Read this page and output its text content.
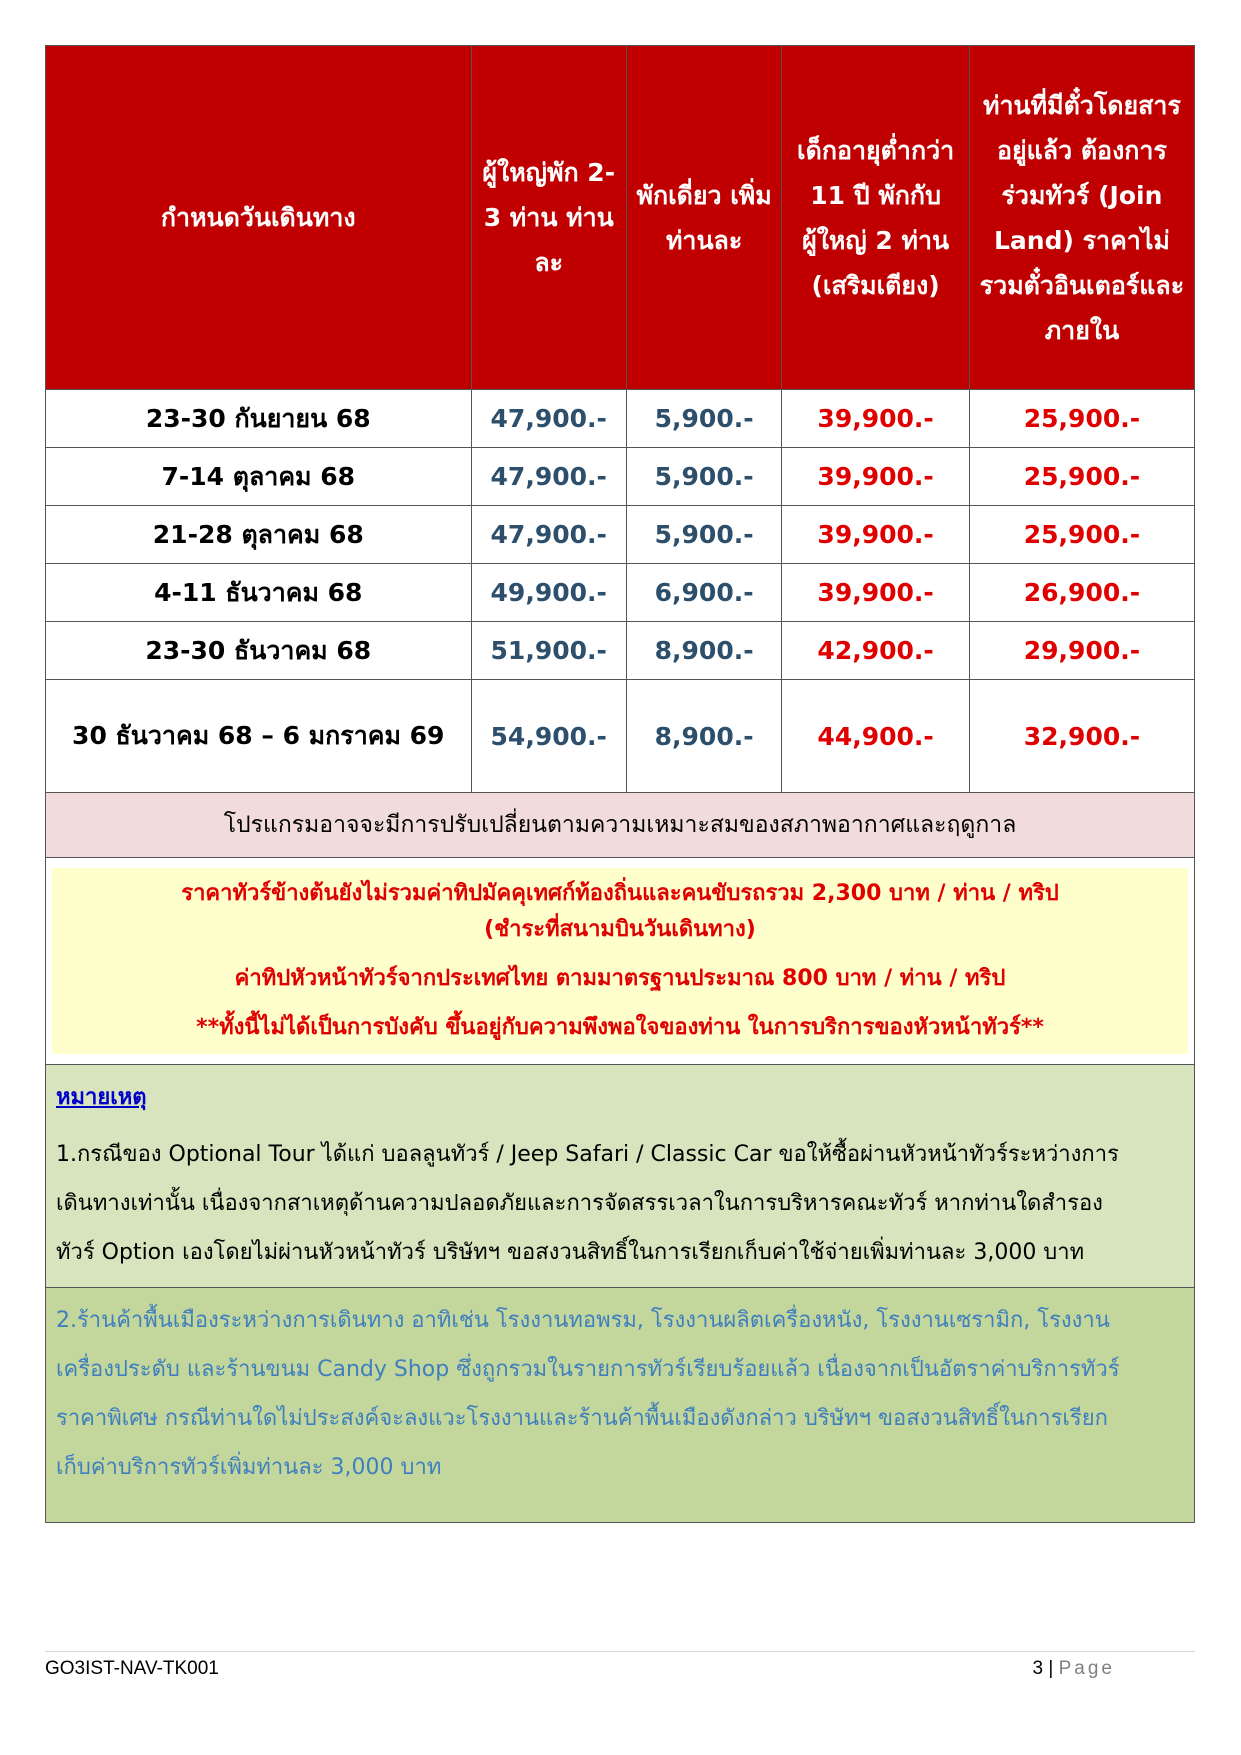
กำหนดวันเดินทาง	ผู้ใหญ่พัก 2-3 ท่าน ท่านละ	พักเดี่ยว เพิ่มท่านละ	เด็กอายุต่ำกว่า 11 ปี พักกับผู้ใหญ่ 2 ท่าน (เสริมเตียง)	ท่านที่มีตั๋วโดยสารอยู่แล้ว ต้องการร่วมทัวร์ (Join Land) ราคาไม่รวมตั๋วอินเตอร์และภายใน
23-30 กันยายน 68	47,900.-	5,900.-	39,900.-	25,900.-
7-14 ตุลาคม 68	47,900.-	5,900.-	39,900.-	25,900.-
21-28 ตุลาคม 68	47,900.-	5,900.-	39,900.-	25,900.-
4-11 ธันวาคม 68	49,900.-	6,900.-	39,900.-	26,900.-
23-30 ธันวาคม 68	51,900.-	8,900.-	42,900.-	29,900.-
30 ธันวาคม 68 – 6 มกราคม 69	54,900.-	8,900.-	44,900.-	32,900.-
โปรแกรมอาจจะมีการปรับเปลี่ยนตามความเหมาะสมของสภาพอากาศและฤดูกาล				

ราคาทัวร์ข้างต้นยังไม่รวมค่าทิปมัคคุเทศก์ท้องถิ่นและคนขับรถรวม 2,300 บาท / ท่าน / ทริป

(ชำระที่สนามบินวันเดินทาง)

ค่าทิปหัวหน้าทัวร์จากประเทศไทย ตามมาตรฐานประมาณ 800 บาท / ท่าน / ทริป

**ทั้งนี้ไม่ได้เป็นการบังคับ ขึ้นอยู่กับความพึงพอใจของท่าน ในการบริการของหัวหน้าทัวร์**				

หมายเหตุ

1.กรณีของ Optional Tour ได้แก่ บอลลูนทัวร์ / Jeep Safari / Classic Car ขอให้ซื้อผ่านหัวหน้าทัวร์ระหว่างการ

เดินทางเท่านั้น เนื่องจากสาเหตุด้านความปลอดภัยและการจัดสรรเวลาในการบริหารคณะทัวร์ หากท่านใดสำรอง

ทัวร์ Option เองโดยไม่ผ่านหัวหน้าทัวร์ บริษัทฯ ขอสงวนสิทธิ์ในการเรียกเก็บค่าใช้จ่ายเพิ่มท่านละ 3,000 บาท				

2.ร้านค้าพื้นเมืองระหว่างการเดินทาง อาทิเช่น โรงงานทอพรม, โรงงานผลิตเครื่องหนัง, โรงงานเซรามิก, โรงงาน

เครื่องประดับ และร้านขนม Candy Shop ซึ่งถูกรวมในรายการทัวร์เรียบร้อยแล้ว เนื่องจากเป็นอัตราค่าบริการทัวร์

ราคาพิเศษ กรณีท่านใดไม่ประสงค์จะลงแวะโรงงานและร้านค้าพื้นเมืองดังกล่าว บริษัทฯ ขอสงวนสิทธิ์ในการเรียก

เก็บค่าบริการทัวร์เพิ่มท่านละ 3,000 บาท				

GO3IST-NAV-TK001	3 | Page
